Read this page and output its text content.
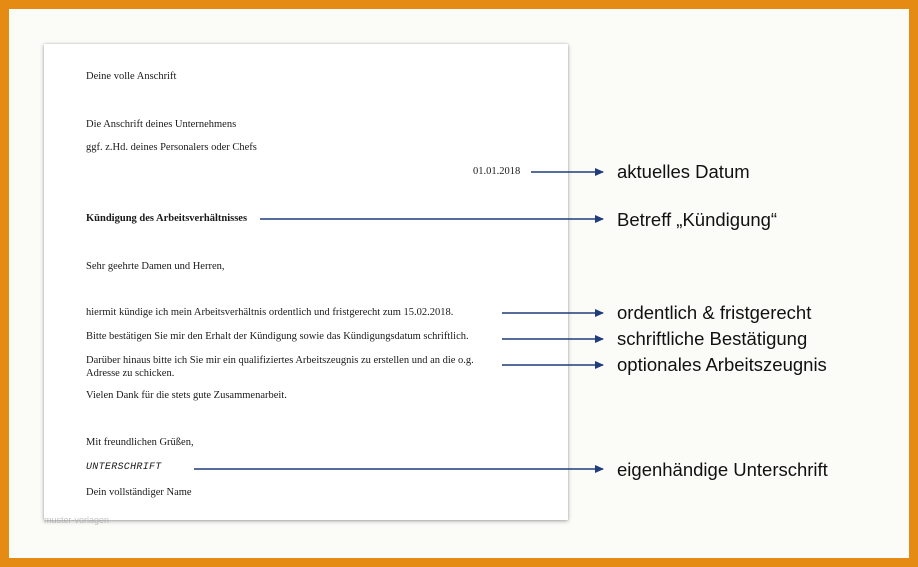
Deine volle Anschrift
Die Anschrift deines Unternehmens
ggf. z.Hd. deines Personalers oder Chefs
01.01.2018
Kündigung des Arbeitsverhältnisses
Sehr geehrte Damen und Herren,
hiermit kündige ich mein Arbeitsverhältnis ordentlich und fristgerecht zum 15.02.2018.
Bitte bestätigen Sie mir den Erhalt der Kündigung sowie das Kündigungsdatum schriftlich.
Darüber hinaus bitte ich Sie mir ein qualifiziertes Arbeitszeugnis zu erstellen und an die o.g. Adresse zu schicken.
Vielen Dank für die stets gute Zusammenarbeit.
Mit freundlichen Grüßen,
UNTERSCHRIFT
Dein vollständiger Name
muster-vorlagen
aktuelles Datum
Betreff „Kündigung“
ordentlich & fristgerecht
schriftliche Bestätigung
optionales Arbeitszeugnis
eigenhändige Unterschrift
